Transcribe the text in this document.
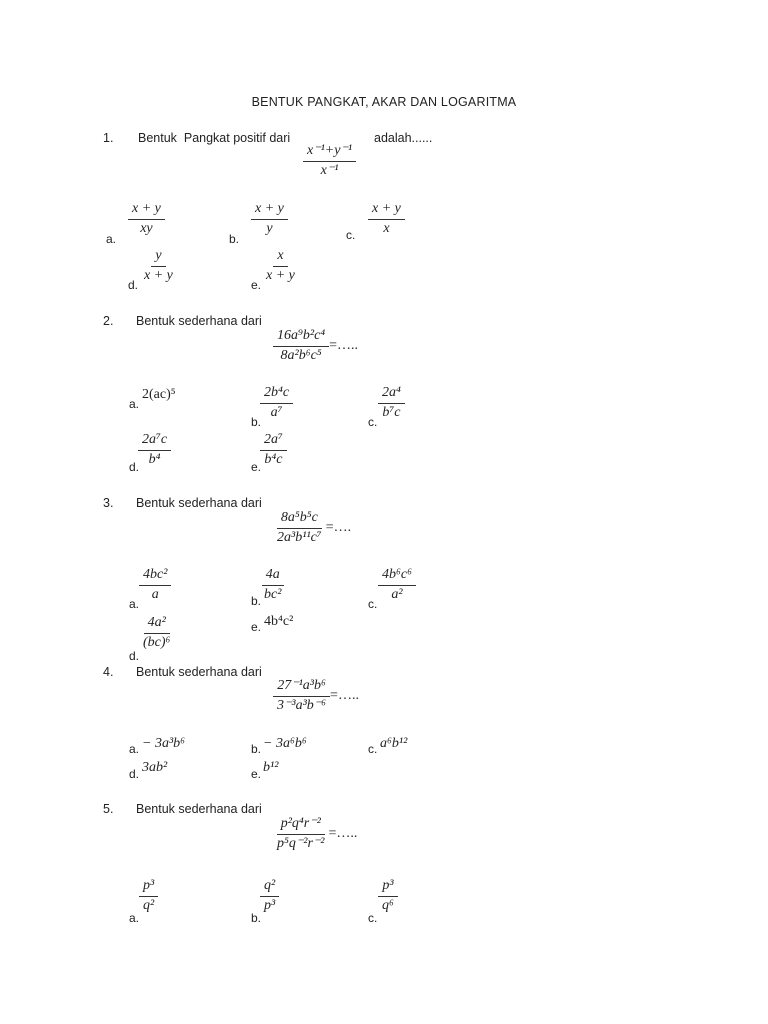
BENTUK PANGKAT, AKAR DAN LOGARITMA
1. Bentuk  Pangkat positif dari	adalah......
$\frac{\text{x⁻¹+y⁻¹}}{\text{x⁻¹}}$
a.
$\frac{x + y}{xy}$
b.
$\frac{x + y}{y}$	c. $\frac{x + y}{x}$
d.
$\frac{y}{x + y}$
e.
$\frac{x}{x + y}$
2. Bentuk sederhana dari
$\frac{\text{16a⁹b²c⁴}}{\text{8a²b⁶c⁵}}$ =…..
a.
2(ac)⁵
b.
$\frac{\text{2b⁴c}}{\text{a⁷}}$
c.
$\frac{\text{2a⁴}}{\text{b⁷c}}$
d.
$\frac{\text{2a⁷c}}{\text{b⁴}}$	e.
$\frac{\text{2a⁷}}{\text{b⁴c}}$
3. Bentuk sederhana dari
$\frac{\text{8a⁵b⁵c}}{\text{2a³b¹¹c⁷}}$ =….
a.
$\frac{\text{4bc²}}{a}$	b.
$\frac{4a}{\text{bc²}}$
c.
$\frac{\text{4b⁶c⁶}}{\text{a²}}$
d.
$\frac{\text{4a²}}{\text{(bc)⁶}}$	e. 4b⁴c²
4. Bentuk sederhana dari
$\frac{\text{27⁻¹a³b⁶}}{\text{3⁻³a³b⁻⁶}}$ =…..
a. − 3a³b⁶	b. − 3a⁶b⁶	c. a⁶b¹²
d. 3ab²	e. b¹²
5. Bentuk sederhana dari
$\frac{\text{p²q⁴r⁻²}}{\text{p⁵q⁻²r⁻²}}$ =…..
a.
$\frac{\text{p³}}{\text{q²}}$
b.
$\frac{\text{q²}}{\text{p³}}$
c.
$\frac{\text{p³}}{\text{q⁶}}$
